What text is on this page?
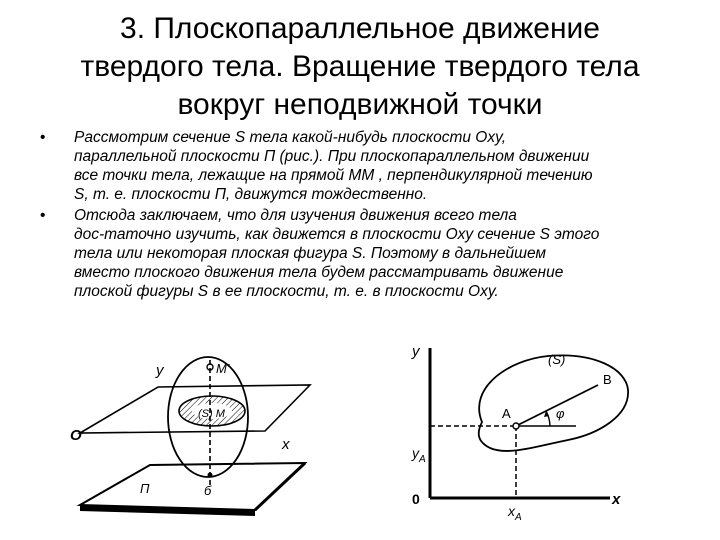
3. Плоскопараллельное движение
твердого тела. Вращение твердого тела
вокруг неподвижной точки
• Рассмотрим сечение S тела какой-нибудь плоскости Oxy,
параллельной плоскости П (рис.). При плоскопараллельном движении
все точки тела, лежащие на прямой ММ , перпендикулярной течению
S, т. е. плоскости П, движутся тождественно.
• Отсюда заключаем, что для изучения движения всего тела
дос-таточно изучить, как движется в плоскости Oxy сечение S этого
тела или некоторая плоская фигура S. Поэтому в дальнейшем
вместо плоского движения тела будем рассматривать движение
плоской фигуры S в ее плоскости, т. е. в плоскости Oxy.
y	M'
(S) M
O
x
П	б
y	(S)
B
A	φ
$y_A$
0
$x_A$
x
